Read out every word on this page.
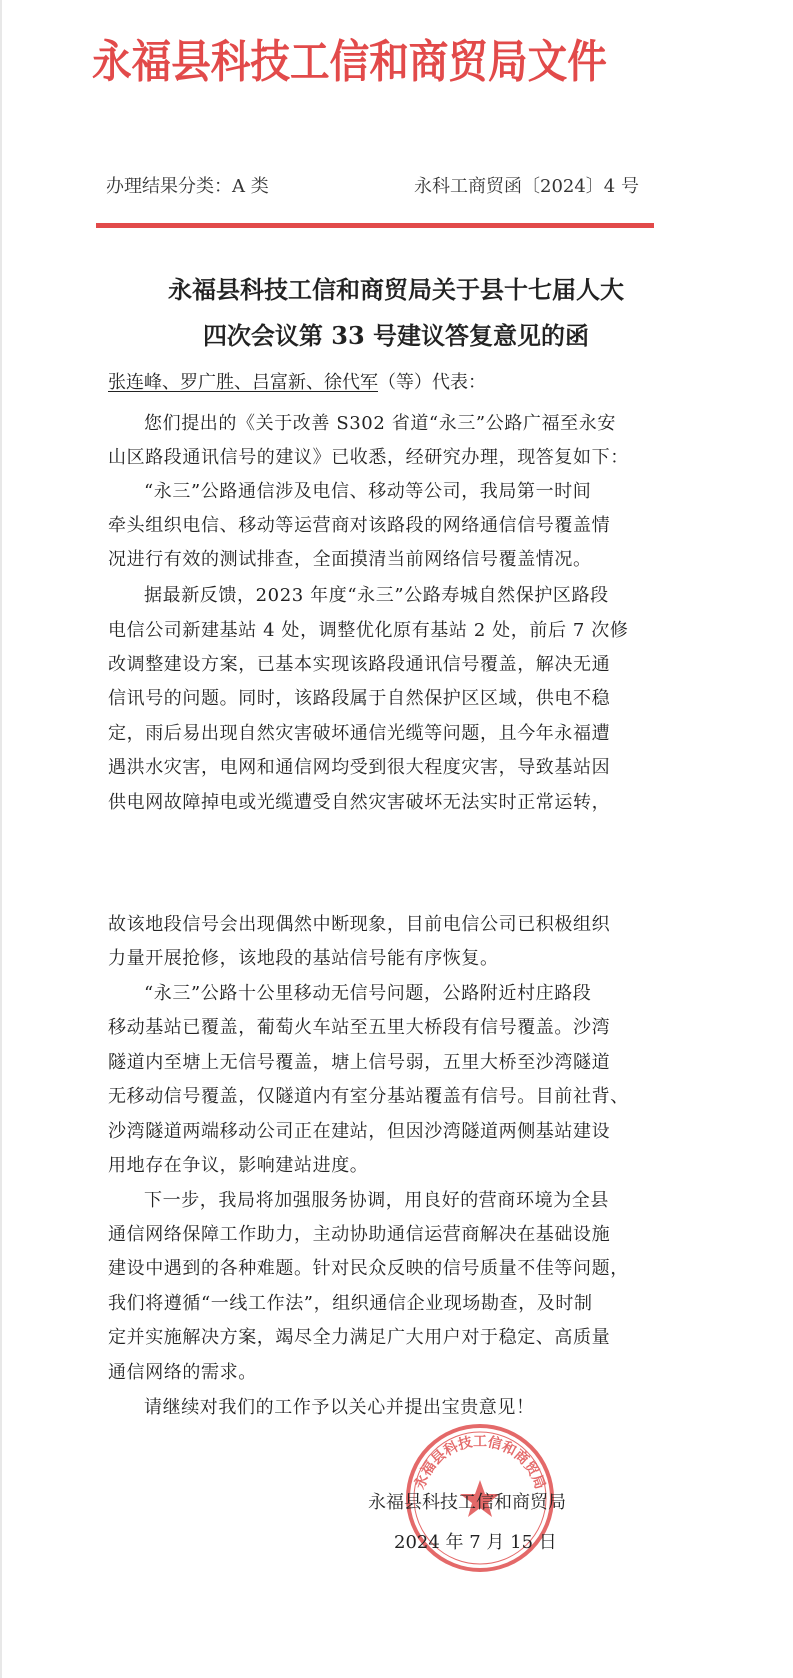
永福县科技工信和商贸局文件
办理结果分类：A 类	永科工商贸函〔2024〕4 号
永福县科技工信和商贸局关于县十七届人大
四次会议第 33 号建议答复意见的函
张连峰、罗广胜、吕富新、徐代军（等）代表：
您们提出的《关于改善 S302 省道“永三”公路广福至永安
山区路段通讯信号的建议》已收悉，经研究办理，现答复如下：
“永三”公路通信涉及电信、移动等公司，我局第一时间
牵头组织电信、移动等运营商对该路段的网络通信信号覆盖情
况进行有效的测试排查，全面摸清当前网络信号覆盖情况。
据最新反馈，2023 年度“永三”公路寿城自然保护区路段
电信公司新建基站 4 处，调整优化原有基站 2 处，前后 7 次修
改调整建设方案，已基本实现该路段通讯信号覆盖，解决无通
信讯号的问题。同时，该路段属于自然保护区区域，供电不稳
定，雨后易出现自然灾害破坏通信光缆等问题，且今年永福遭
遇洪水灾害，电网和通信网均受到很大程度灾害，导致基站因
供电网故障掉电或光缆遭受自然灾害破坏无法实时正常运转，
故该地段信号会出现偶然中断现象，目前电信公司已积极组织
力量开展抢修，该地段的基站信号能有序恢复。
“永三”公路十公里移动无信号问题，公路附近村庄路段
移动基站已覆盖，葡萄火车站至五里大桥段有信号覆盖。沙湾
隧道内至塘上无信号覆盖，塘上信号弱，五里大桥至沙湾隧道
无移动信号覆盖，仅隧道内有室分基站覆盖有信号。目前社背、
沙湾隧道两端移动公司正在建站，但因沙湾隧道两侧基站建设
用地存在争议，影响建站进度。
下一步，我局将加强服务协调，用良好的营商环境为全县
通信网络保障工作助力，主动协助通信运营商解决在基础设施
建设中遇到的各种难题。针对民众反映的信号质量不佳等问题，
我们将遵循“一线工作法”，组织通信企业现场勘查，及时制
定并实施解决方案，竭尽全力满足广大用户对于稳定、高质量
通信网络的需求。
请继续对我们的工作予以关心并提出宝贵意见！
永福县科技工信和商贸局
永福县科技工信和商贸局
2024 年 7 月 15 日
